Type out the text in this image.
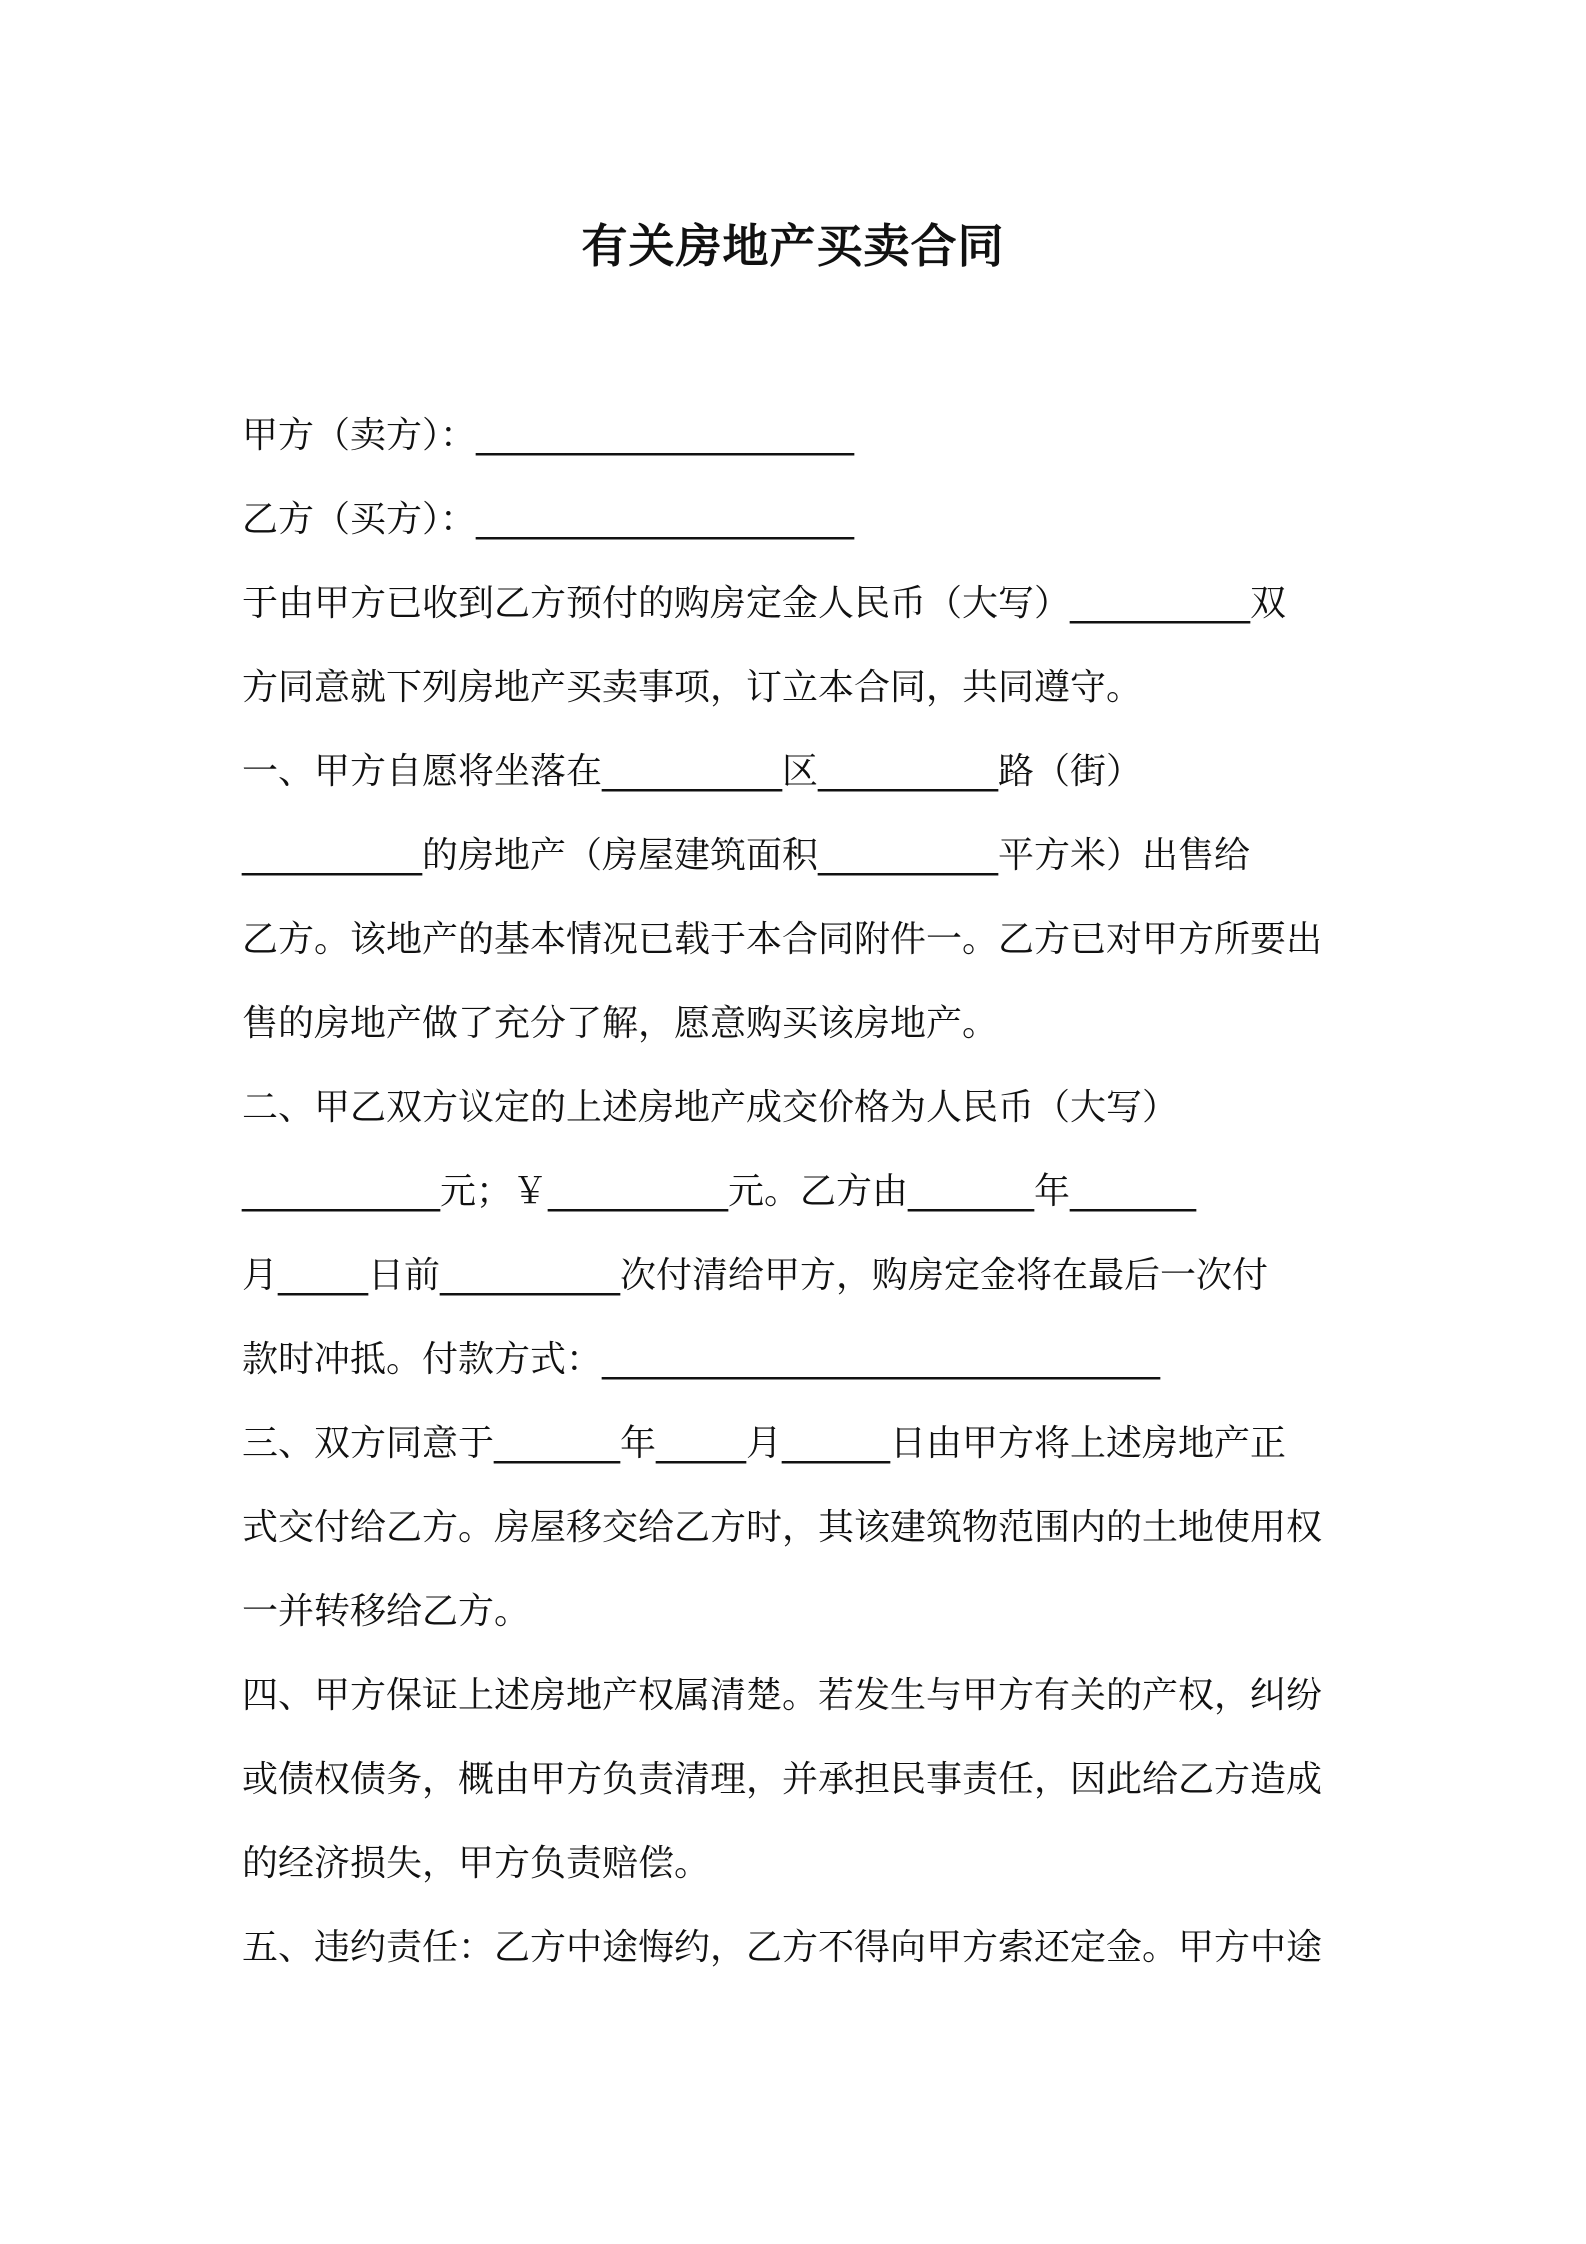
有关房地产买卖合同
甲方（卖方）：_____________________
乙方（买方）：_____________________
于由甲方已收到乙方预付的购房定金人民币（大写）__________双
方同意就下列房地产买卖事项，订立本合同，共同遵守。
一、甲方自愿将坐落在__________区__________路（街）
__________的房地产（房屋建筑面积__________平方米）出售给
乙方。该地产的基本情况已载于本合同附件一。乙方已对甲方所要出
售的房地产做了充分了解，愿意购买该房地产。
二、甲乙双方议定的上述房地产成交价格为人民币（大写）
___________元；￥__________元。乙方由_______年_______
月_____日前__________次付清给甲方，购房定金将在最后一次付
款时冲抵。付款方式：_______________________________
三、双方同意于_______年_____月______日由甲方将上述房地产正
式交付给乙方。房屋移交给乙方时，其该建筑物范围内的土地使用权
一并转移给乙方。
四、甲方保证上述房地产权属清楚。若发生与甲方有关的产权，纠纷
或债权债务，概由甲方负责清理，并承担民事责任，因此给乙方造成
的经济损失，甲方负责赔偿。
五、违约责任：乙方中途悔约，乙方不得向甲方索还定金。甲方中途
